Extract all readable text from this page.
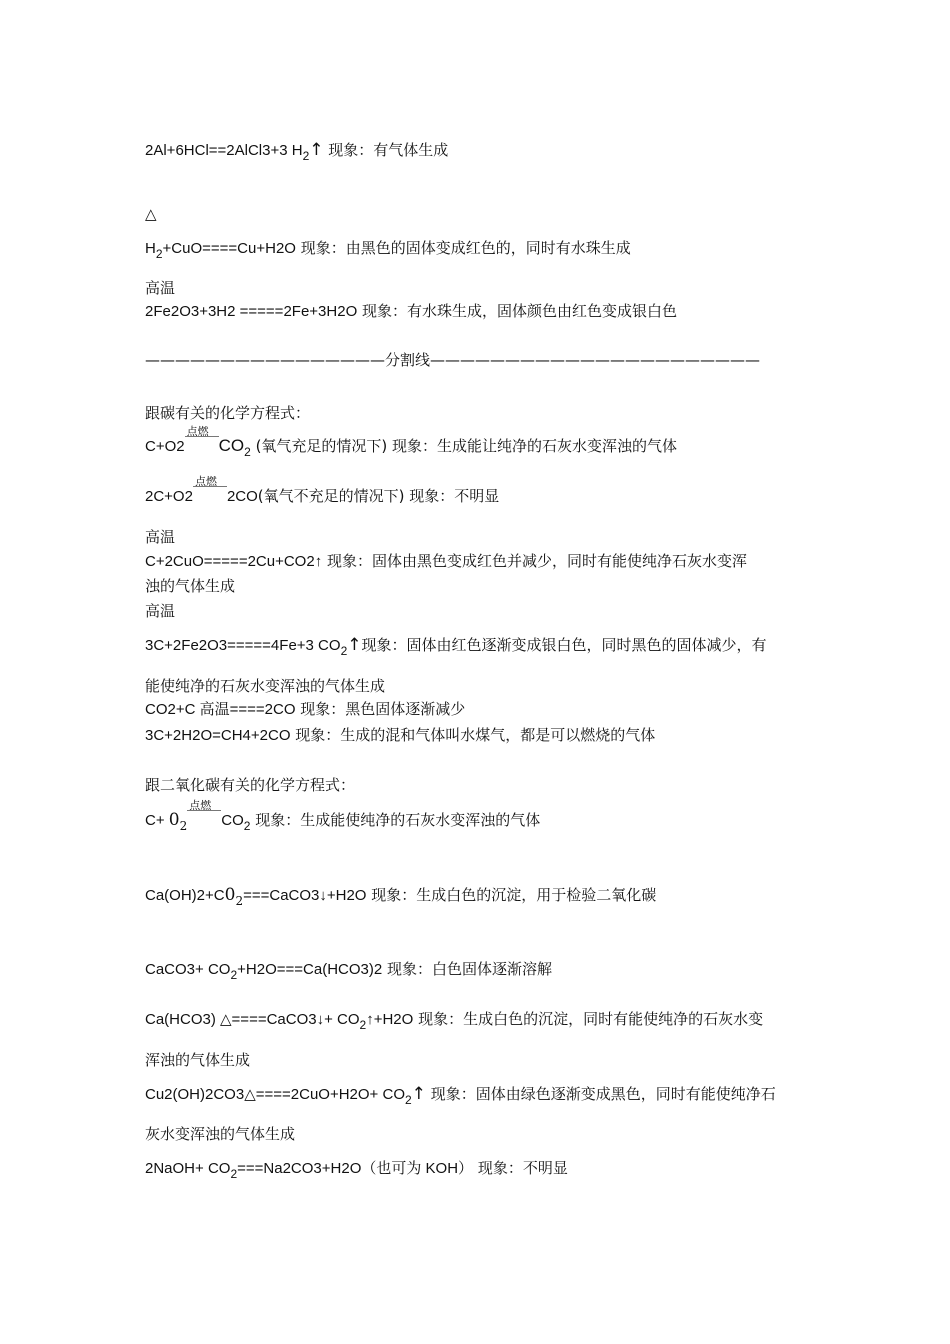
2Al+6HCl==2AlCl3+3 $H_2↑$ 现象：有气体生成
△
$H_2+CuO====Cu+H2O$ 现象：由黑色的固体变成红色的，同时有水珠生成
高温
2Fe2O3+3H2 =====2Fe+3H2O 现象：有水珠生成，固体颜色由红色变成银白色
————————————————分割线——————————————————————
跟碳有关的化学方程式：
C+O2
点燃
$CO_2$ (氧气充足的情况下) 现象：生成能让纯净的石灰水变浑浊的气体
2C+O2
点燃
2CO(氧气不充足的情况下) 现象：不明显
高温
C+2CuO=====2Cu+CO2↑ 现象：固体由黑色变成红色并减少，同时有能使纯净石灰水变浑
浊的气体生成
高温
3C+2Fe2O3=====4Fe+3 $CO_2↑$现象：固体由红色逐渐变成银白色，同时黑色的固体减少，有
能使纯净的石灰水变浑浊的气体生成
CO2+C 高温====2CO 现象：黑色固体逐渐减少
3C+2H2O=CH4+2CO 现象：生成的混和气体叫水煤气，都是可以燃烧的气体
跟二氧化碳有关的化学方程式：
$C+ 0_2$
点燃
$CO_2$ 现象：生成能使纯净的石灰水变浑浊的气体
$Ca(OH)2+C0_2===CaCO3↓+H2O$ 现象：生成白色的沉淀，用于检验二氧化碳
CaCO3+ $CO_2+H2O===Ca(HCO3)2$ 现象：白色固体逐渐溶解
Ca(HCO3) △====CaCO3↓+ $CO_2↑+H2O$ 现象：生成白色的沉淀，同时有能使纯净的石灰水变
浑浊的气体生成
Cu2(OH)2CO3△====2CuO+H2O+ $CO_2↑$ 现象：固体由绿色逐渐变成黑色，同时有能使纯净石
灰水变浑浊的气体生成
2NaOH+ $CO_2===Na2CO3+H2O$（也可为 KOH） 现象：不明显
